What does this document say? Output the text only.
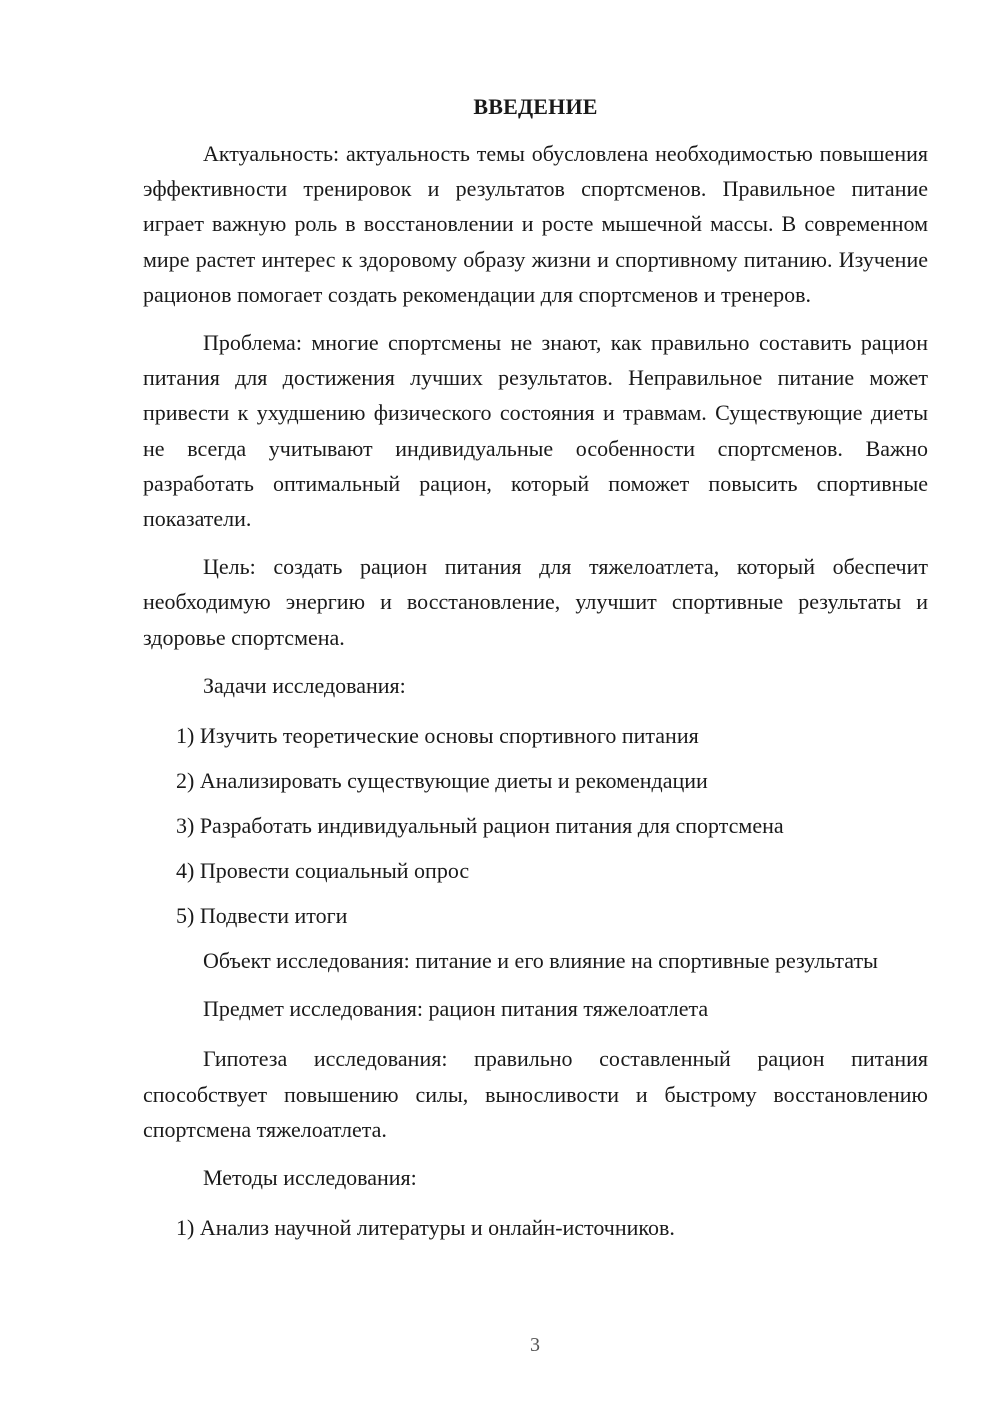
ВВЕДЕНИЕ

Актуальность: актуальность темы обусловлена необходимостью повышения эффективности тренировок и результатов спортсменов. Правильное питание играет важную роль в восстановлении и росте мышечной массы. В современном мире растет интерес к здоровому образу жизни и спортивному питанию. Изучение рационов помогает создать рекомендации для спортсменов и тренеров.

Проблема: многие спортсмены не знают, как правильно составить рацион питания для достижения лучших результатов. Неправильное питание может привести к ухудшению физического состояния и травмам. Существующие диеты не всегда учитывают индивидуальные особенности спортсменов. Важно разработать оптимальный рацион, который поможет повысить спортивные показатели.

Цель: создать рацион питания для тяжелоатлета, который обеспечит необходимую энергию и восстановление, улучшит спортивные результаты и здоровье спортсмена.

Задачи исследования:

1) Изучить теоретические основы спортивного питания
2) Анализировать существующие диеты и рекомендации
3) Разработать индивидуальный рацион питания для спортсмена
4) Провести социальный опрос
5) Подвести итоги

Объект исследования: питание и его влияние на спортивные результаты

Предмет исследования: рацион питания тяжелоатлета

Гипотеза исследования: правильно составленный рацион питания способствует повышению силы, выносливости и быстрому восстановлению спортсмена тяжелоатлета.

Методы исследования:

1) Анализ научной литературы и онлайн-источников.
3
